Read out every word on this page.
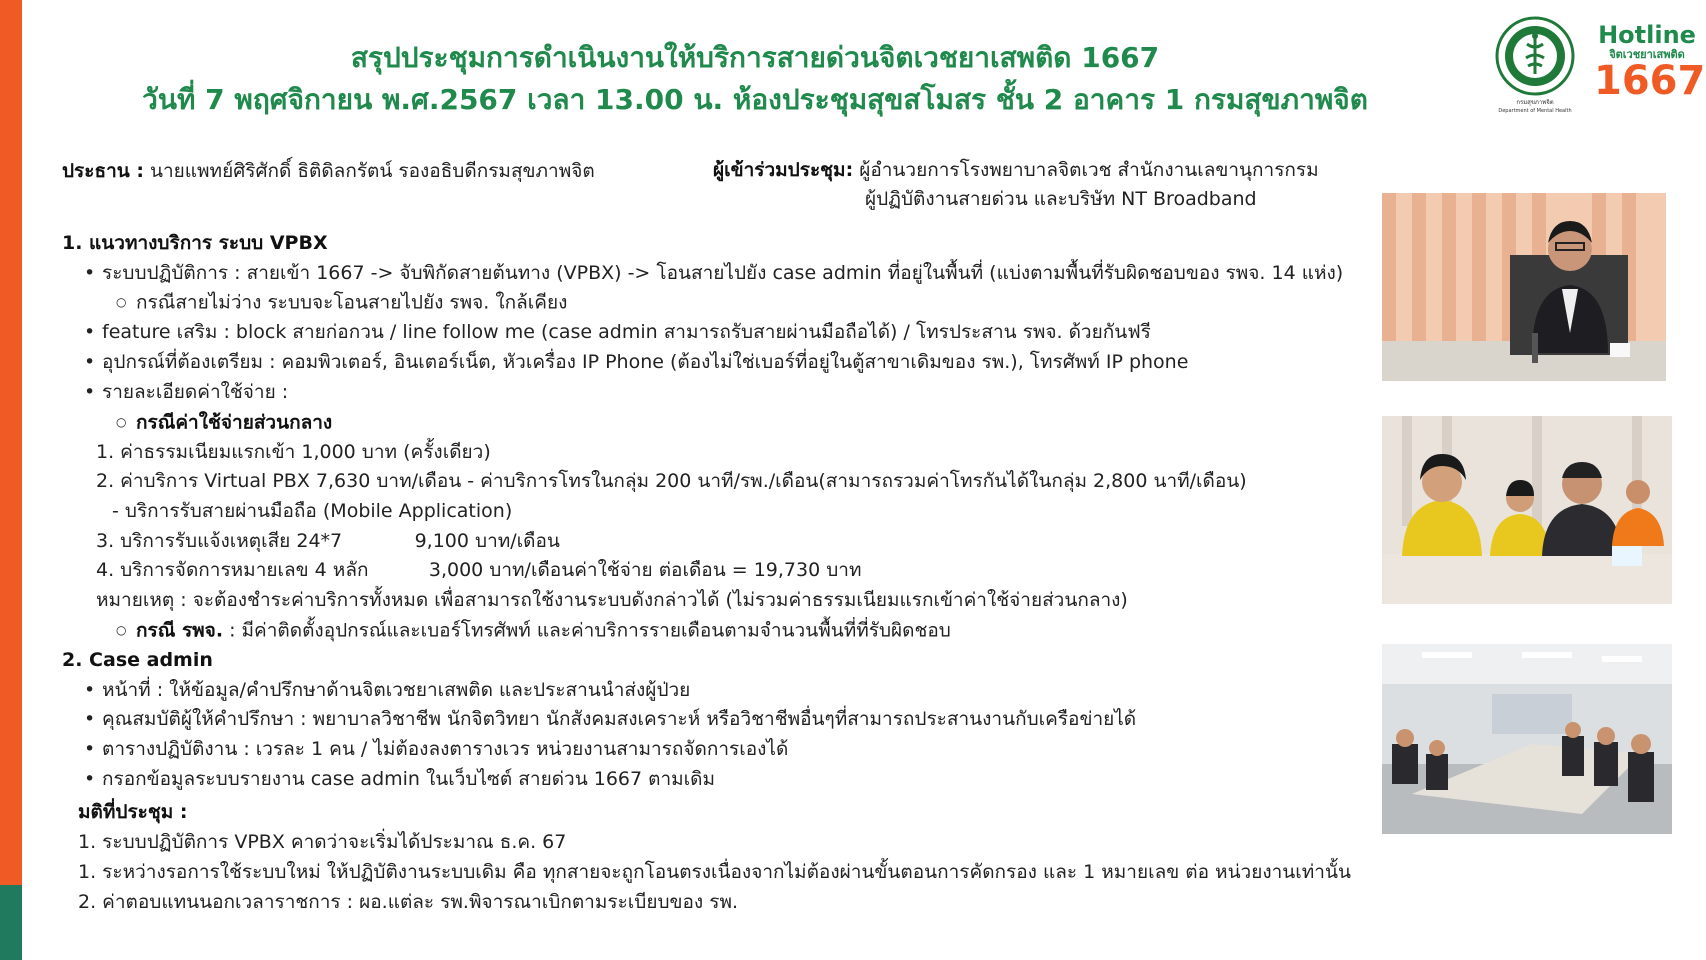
สรุปประชุมการดำเนินงานให้บริการสายด่วนจิตเวชยาเสพติด 1667
วันที่ 7 พฤศจิกายน พ.ศ.2567 เวลา 13.00 น. ห้องประชุมสุขสโมสร ชั้น 2 อาคาร 1 กรมสุขภาพจิต	กรมสุขภาพจิต
Department of Mental Health
Hotline
จิตเวชยาเสพติด
1667
ประธาน : นายแพทย์ศิริศักดิ์ ธิติดิลกรัตน์ รองอธิบดีกรมสุขภาพจิต	ผู้เข้าร่วมประชุม: ผู้อำนวยการโรงพยาบาลจิตเวช สำนักงานเลขานุการกรม
ผู้ปฏิบัติงานสายด่วน และบริษัท NT Broadband
1. แนวทางบริการ ระบบ VPBX
• ระบบปฏิบัติการ : สายเข้า 1667 -> จับพิกัดสายต้นทาง (VPBX) -> โอนสายไปยัง case admin ที่อยู่ในพื้นที่ (แบ่งตามพื้นที่รับผิดชอบของ รพจ. 14 แห่ง)
○ กรณีสายไม่ว่าง ระบบจะโอนสายไปยัง รพจ. ใกล้เคียง
• feature เสริม : block สายก่อกวน / line follow me (case admin สามารถรับสายผ่านมือถือได้) / โทรประสาน รพจ. ด้วยกันฟรี
• อุปกรณ์ที่ต้องเตรียม : คอมพิวเตอร์, อินเตอร์เน็ต, หัวเครื่อง IP Phone (ต้องไม่ใช่เบอร์ที่อยู่ในตู้สาขาเดิมของ รพ.), โทรศัพท์ IP phone
• รายละเอียดค่าใช้จ่าย :
○ กรณีค่าใช้จ่ายส่วนกลาง
1. ค่าธรรมเนียมแรกเข้า 1,000 บาท (ครั้งเดียว)
2. ค่าบริการ Virtual PBX 7,630 บาท/เดือน - ค่าบริการโทรในกลุ่ม 200 นาที/รพ./เดือน(สามารถรวมค่าโทรกันได้ในกลุ่ม 2,800 นาที/เดือน)
- บริการรับสายผ่านมือถือ (Mobile Application)
3. บริการรับแจ้งเหตุเสีย 24*7            9,100 บาท/เดือน
4. บริการจัดการหมายเลข 4 หลัก          3,000 บาท/เดือนค่าใช้จ่าย ต่อเดือน = 19,730 บาท
หมายเหตุ : จะต้องชำระค่าบริการทั้งหมด เพื่อสามารถใช้งานระบบดังกล่าวได้ (ไม่รวมค่าธรรมเนียมแรกเข้าค่าใช้จ่ายส่วนกลาง)
○ กรณี รพจ. : มีค่าติดตั้งอุปกรณ์และเบอร์โทรศัพท์ และค่าบริการรายเดือนตามจำนวนพื้นที่ที่รับผิดชอบ
2. Case admin
• หน้าที่ : ให้ข้อมูล/คำปรึกษาด้านจิตเวชยาเสพติด และประสานนำส่งผู้ป่วย
• คุณสมบัติผู้ให้คำปรึกษา : พยาบาลวิชาชีพ นักจิตวิทยา นักสังคมสงเคราะห์ หรือวิชาชีพอื่นๆที่สามารถประสานงานกับเครือข่ายได้
• ตารางปฏิบัติงาน : เวรละ 1 คน / ไม่ต้องลงตารางเวร หน่วยงานสามารถจัดการเองได้
• กรอกข้อมูลระบบรายงาน case admin ในเว็บไซต์ สายด่วน 1667 ตามเดิม
มติที่ประชุม :
1. ระบบปฏิบัติการ VPBX คาดว่าจะเริ่มได้ประมาณ ธ.ค. 67
1. ระหว่างรอการใช้ระบบใหม่ ให้ปฏิบัติงานระบบเดิม คือ ทุกสายจะถูกโอนตรงเนื่องจากไม่ต้องผ่านขั้นตอนการคัดกรอง และ 1 หมายเลข ต่อ หน่วยงานเท่านั้น
2. ค่าตอบแทนนอกเวลาราชการ : ผอ.แต่ละ รพ.พิจารณาเบิกตามระเบียบของ รพ.
